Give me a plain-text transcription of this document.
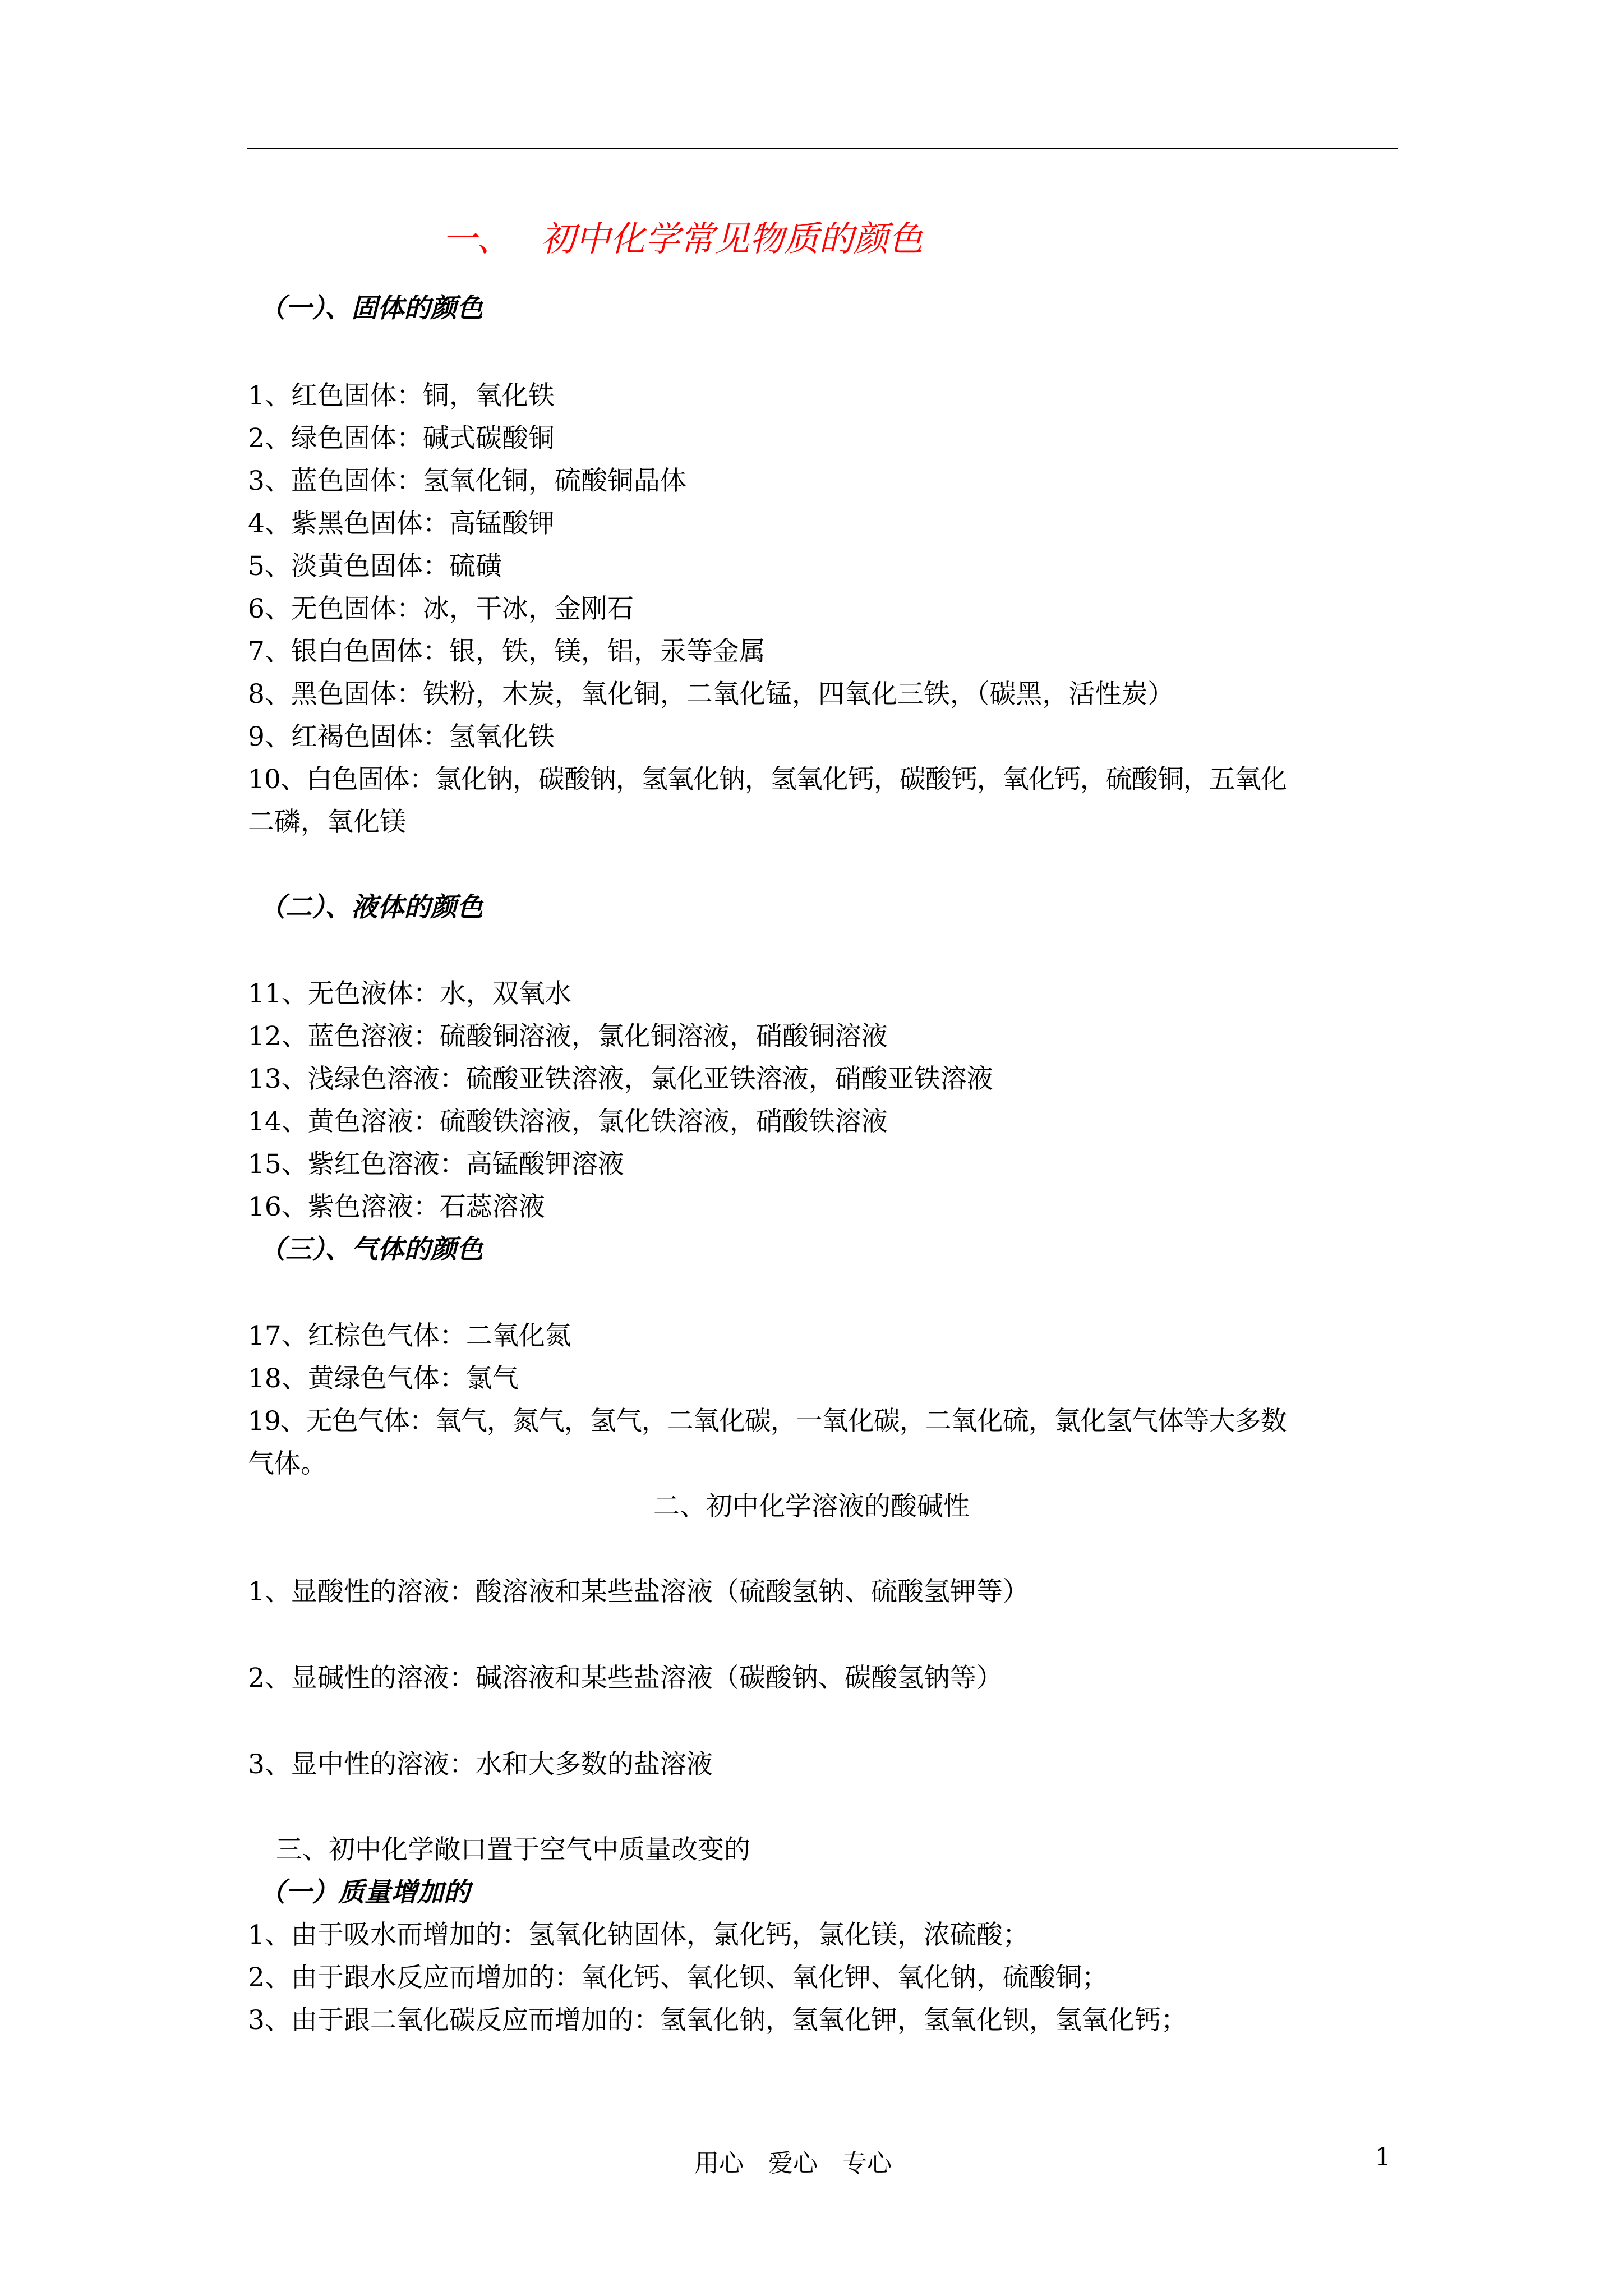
一、 初中化学常见物质的颜色
（一）、固体的颜色
1、红色固体：铜，氧化铁
2、绿色固体：碱式碳酸铜
3、蓝色固体：氢氧化铜，硫酸铜晶体
4、紫黑色固体：高锰酸钾
5、淡黄色固体：硫磺
6、无色固体：冰，干冰，金刚石
7、银白色固体：银，铁，镁，铝，汞等金属
8、黑色固体：铁粉，木炭，氧化铜，二氧化锰，四氧化三铁，（碳黑，活性炭）
9、红褐色固体：氢氧化铁
10、白色固体：氯化钠，碳酸钠，氢氧化钠，氢氧化钙，碳酸钙，氧化钙，硫酸铜，五氧化
二磷，氧化镁
（二）、液体的颜色
11、无色液体：水，双氧水
12、蓝色溶液：硫酸铜溶液，氯化铜溶液，硝酸铜溶液
13、浅绿色溶液：硫酸亚铁溶液，氯化亚铁溶液，硝酸亚铁溶液
14、黄色溶液：硫酸铁溶液，氯化铁溶液，硝酸铁溶液
15、紫红色溶液：高锰酸钾溶液
16、紫色溶液：石蕊溶液
（三）、气体的颜色
17、红棕色气体：二氧化氮
18、黄绿色气体：氯气
19、无色气体：氧气，氮气，氢气，二氧化碳，一氧化碳，二氧化硫，氯化氢气体等大多数
气体。
二、初中化学溶液的酸碱性
1、显酸性的溶液：酸溶液和某些盐溶液（硫酸氢钠、硫酸氢钾等）
2、显碱性的溶液：碱溶液和某些盐溶液（碳酸钠、碳酸氢钠等）
3、显中性的溶液：水和大多数的盐溶液
三、初中化学敞口置于空气中质量改变的
（一）质量增加的
1、由于吸水而增加的：氢氧化钠固体，氯化钙，氯化镁，浓硫酸；
2、由于跟水反应而增加的：氧化钙、氧化钡、氧化钾、氧化钠，硫酸铜；
3、由于跟二氧化碳反应而增加的：氢氧化钠，氢氧化钾，氢氧化钡，氢氧化钙；
用心　爱心　专心	1
